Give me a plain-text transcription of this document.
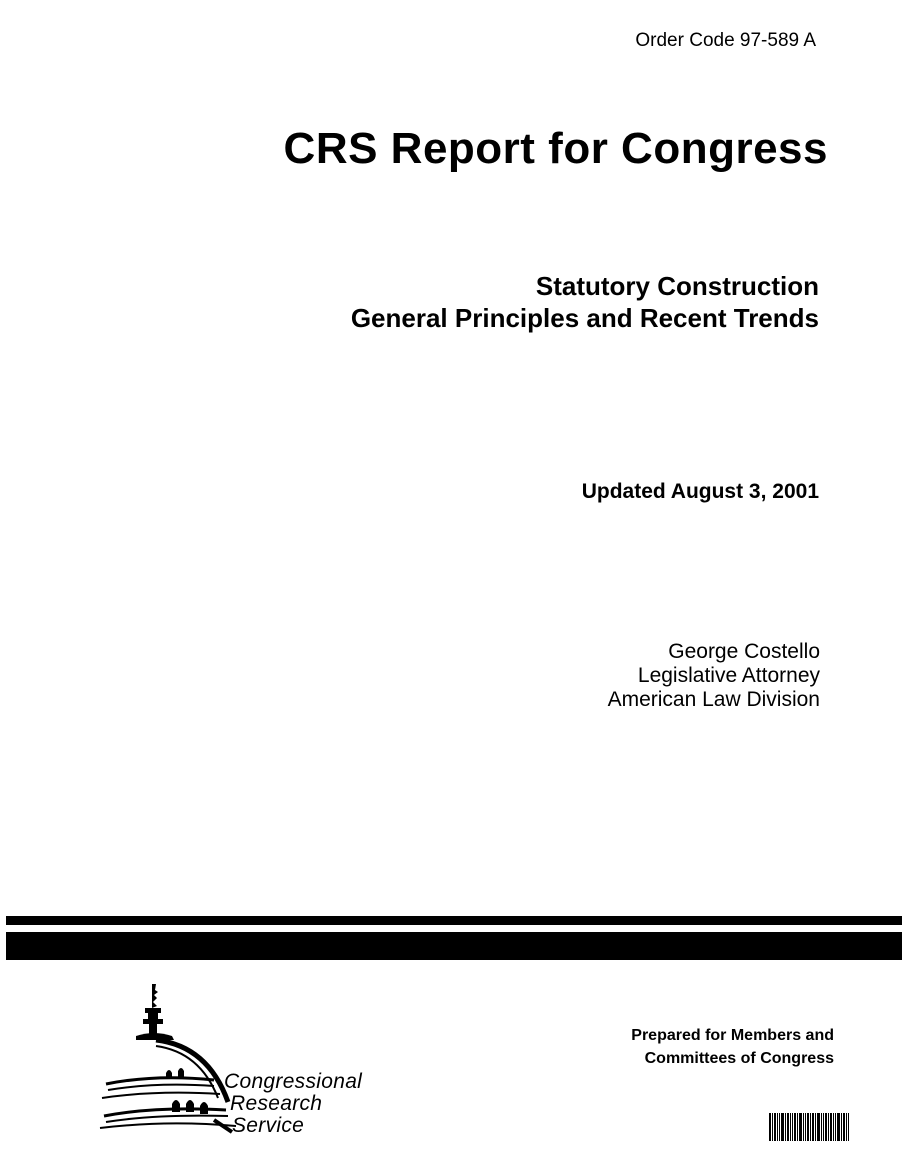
Order Code 97-589 A
CRS Report for Congress
Statutory Construction
General Principles and Recent Trends
Updated August 3, 2001
George Costello
Legislative Attorney
American Law Division
Congressional
Research
Service
Prepared for Members and
Committees of Congress
